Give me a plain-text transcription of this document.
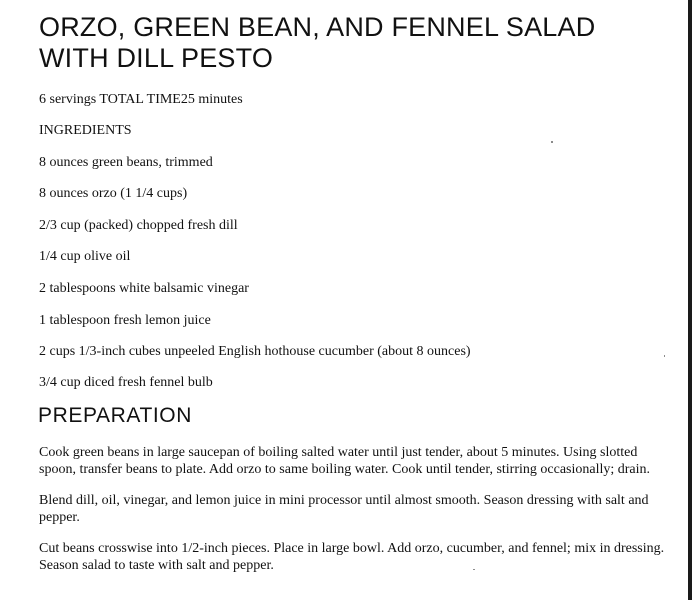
ORZO, GREEN BEAN, AND FENNEL SALAD
WITH DILL PESTO
6 servings TOTAL TIME25 minutes
INGREDIENTS
8 ounces green beans, trimmed
8 ounces orzo (1 1/4 cups)
2/3 cup (packed) chopped fresh dill
1/4 cup olive oil
2 tablespoons white balsamic vinegar
1 tablespoon fresh lemon juice
2 cups 1/3-inch cubes unpeeled English hothouse cucumber (about 8 ounces)
3/4 cup diced fresh fennel bulb
PREPARATION
Cook green beans in large saucepan of boiling salted water until just tender, about 5 minutes. Using slotted spoon, transfer beans to plate. Add orzo to same boiling water. Cook until tender, stirring occasionally; drain.
Blend dill, oil, vinegar, and lemon juice in mini processor until almost smooth. Season dressing with salt and pepper.
Cut beans crosswise into 1/2-inch pieces. Place in large bowl. Add orzo, cucumber, and fennel; mix in dressing. Season salad to taste with salt and pepper.
